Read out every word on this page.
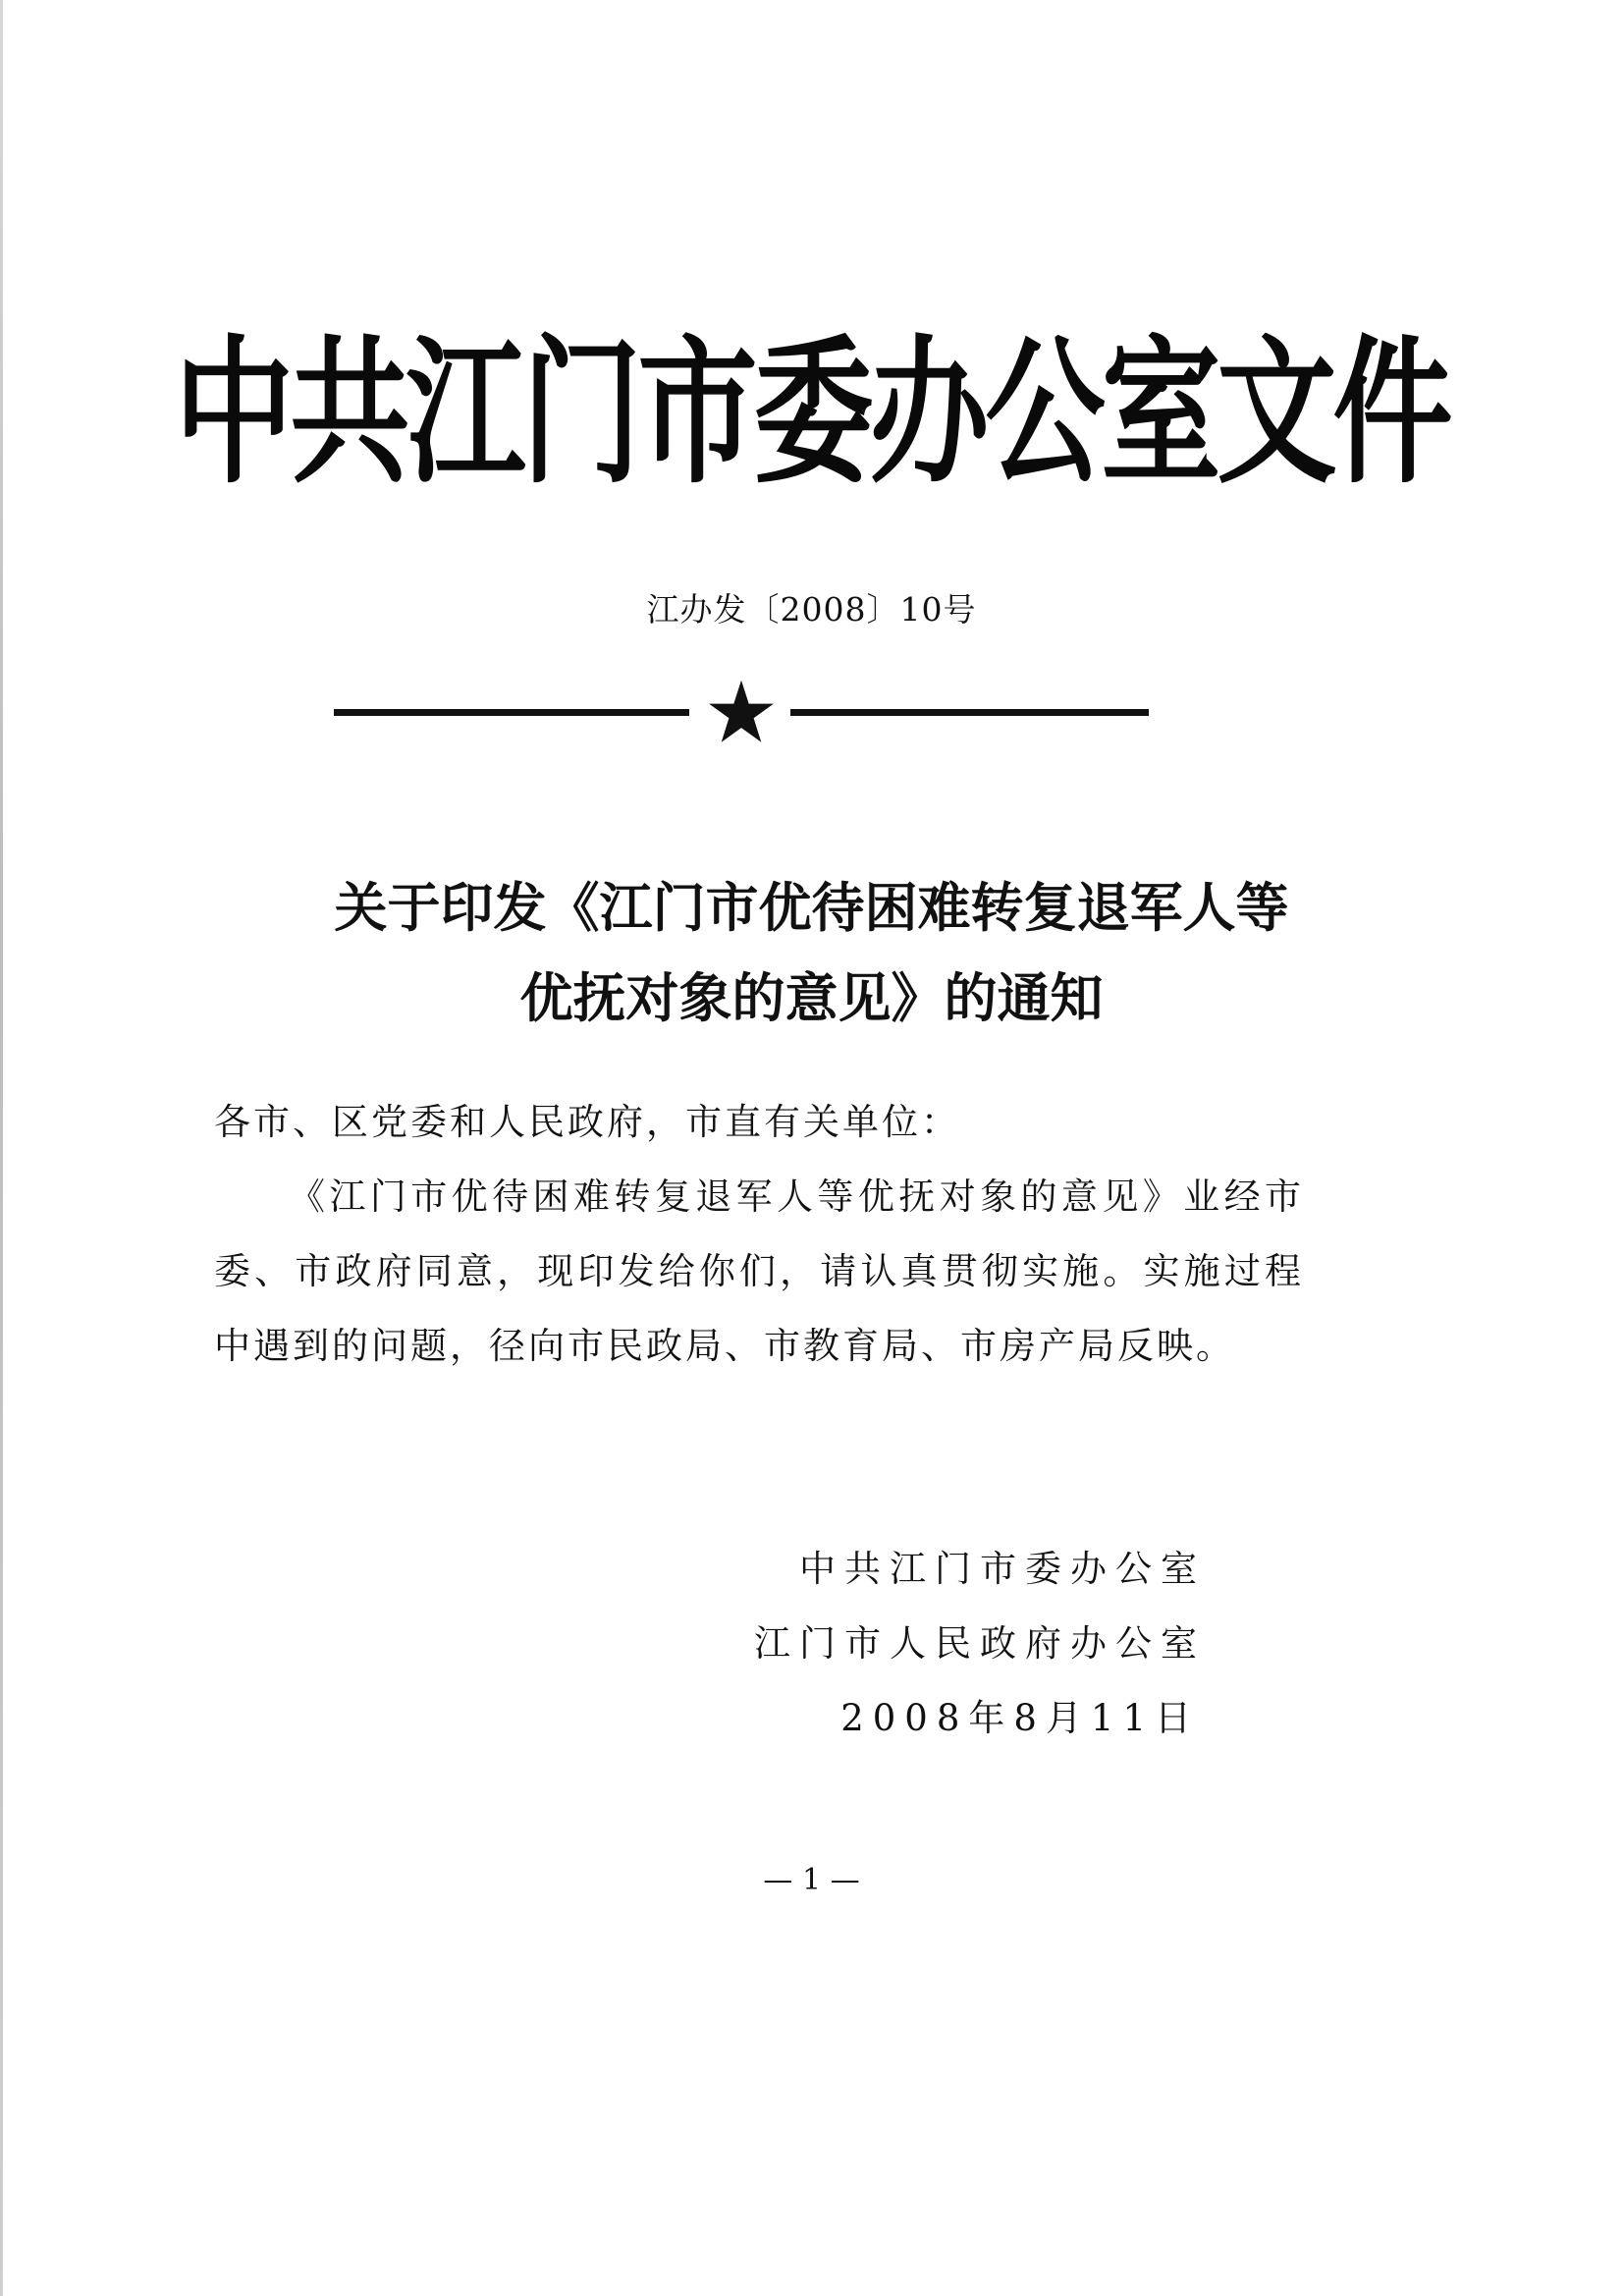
中共江门市委办公室文件
江办发〔2008〕10号
关于印发《江门市优待困难转复退军人等
优抚对象的意见》的通知
各市、区党委和人民政府，市直有关单位：
《江门市优待困难转复退军人等优抚对象的意见》业经市委、市政府同意，现印发给你们，请认真贯彻实施。实施过程中遇到的问题，径向市民政局、市教育局、市房产局反映。
中共江门市委办公室
江门市人民政府办公室
2008年8月11日
— 1 —
